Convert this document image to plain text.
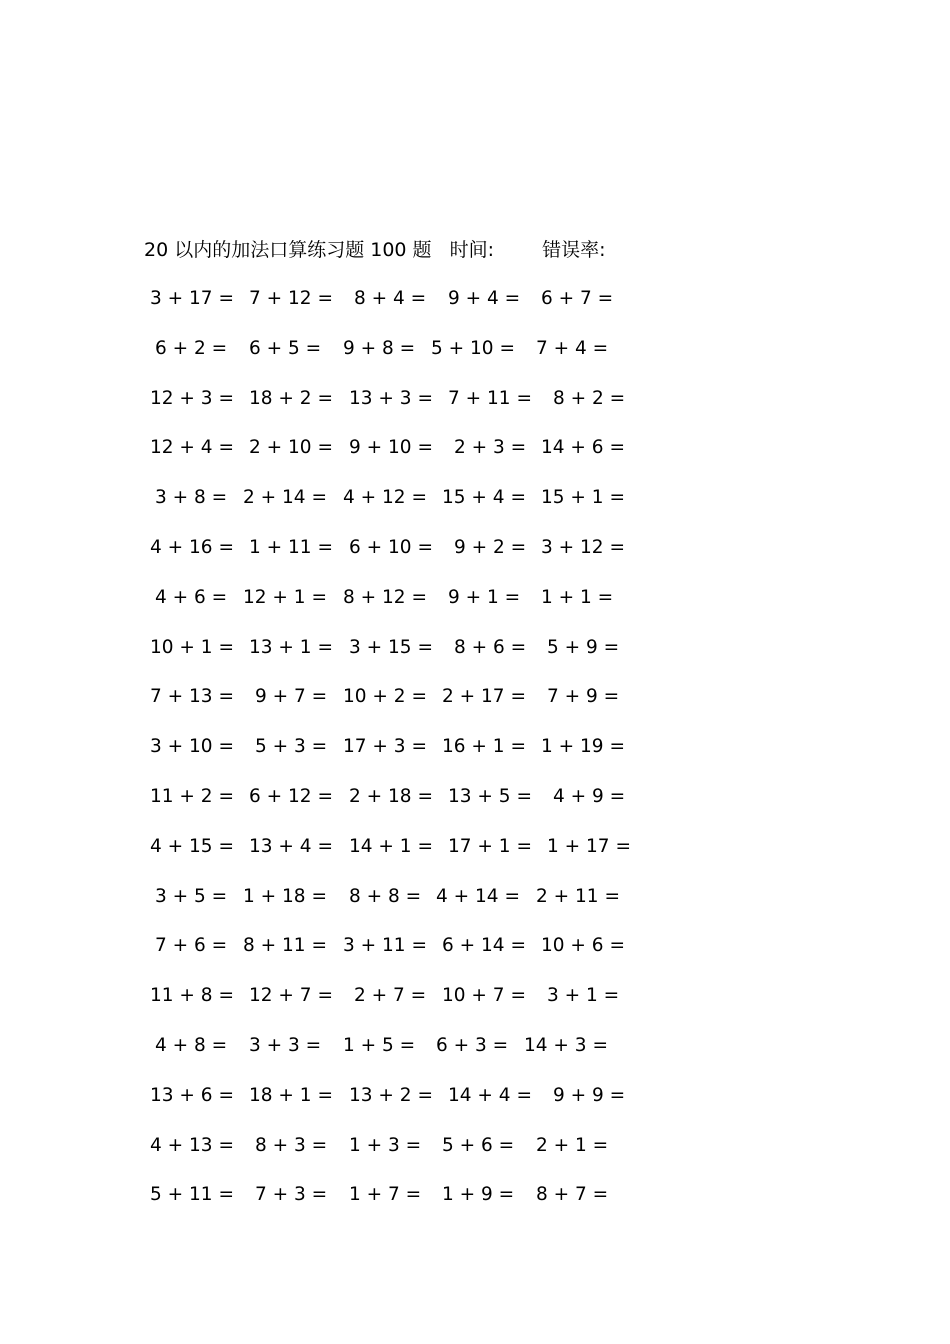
20 以内的加法口算练习题 100 题 时间:	错误率:
3 + 17 = 7 + 12 = 8 + 4 = 9 + 4 = 6 + 7 =
6 + 2 = 6 + 5 = 9 + 8 = 5 + 10 = 7 + 4 =
12 + 3 = 18 + 2 = 13 + 3 = 7 + 11 = 8 + 2 =
12 + 4 = 2 + 10 = 9 + 10 = 2 + 3 = 14 + 6 =
3 + 8 = 2 + 14 = 4 + 12 = 15 + 4 = 15 + 1 =
4 + 16 = 1 + 11 = 6 + 10 = 9 + 2 = 3 + 12 =
4 + 6 = 12 + 1 = 8 + 12 = 9 + 1 = 1 + 1 =
10 + 1 = 13 + 1 = 3 + 15 = 8 + 6 = 5 + 9 =
7 + 13 = 9 + 7 = 10 + 2 = 2 + 17 = 7 + 9 =
3 + 10 = 5 + 3 = 17 + 3 = 16 + 1 = 1 + 19 =
11 + 2 = 6 + 12 = 2 + 18 = 13 + 5 = 4 + 9 =
4 + 15 = 13 + 4 = 14 + 1 = 17 + 1 = 1 + 17 =
3 + 5 = 1 + 18 = 8 + 8 = 4 + 14 = 2 + 11 =
7 + 6 = 8 + 11 = 3 + 11 = 6 + 14 = 10 + 6 =
11 + 8 = 12 + 7 = 2 + 7 = 10 + 7 = 3 + 1 =
4 + 8 = 3 + 3 = 1 + 5 = 6 + 3 = 14 + 3 =
13 + 6 = 18 + 1 = 13 + 2 = 14 + 4 = 9 + 9 =
4 + 13 = 8 + 3 = 1 + 3 = 5 + 6 = 2 + 1 =
5 + 11 = 7 + 3 = 1 + 7 = 1 + 9 = 8 + 7 =
